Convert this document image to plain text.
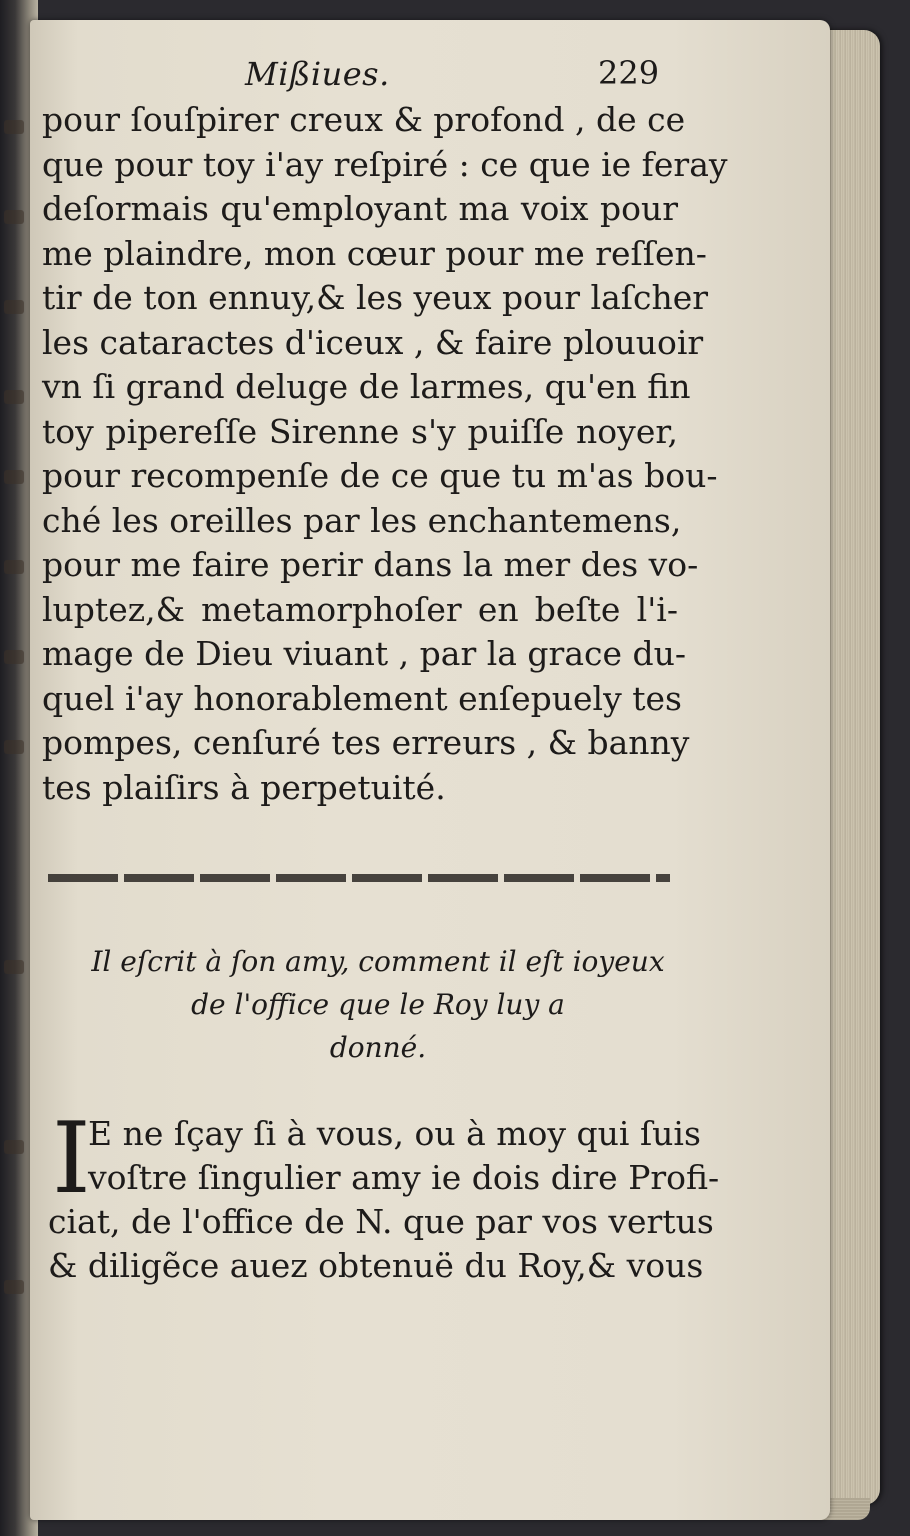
Mißiues.	229
pour ſouſpirer creux & profond , de ce
que pour toy i'ay reſpiré : ce que ie feray
deſormais qu'employant ma voix pour
me plaindre, mon cœur pour me reſſen-
tir de ton ennuy,& les yeux pour laſcher
les cataractes d'iceux , & faire plouuoir
vn ſi grand deluge de larmes, qu'en fin
toy pipereſſe Sirenne s'y puiſſe noyer,
pour recompenſe de ce que tu m'as bou-
ché les oreilles par les enchantemens,
pour me faire perir dans la mer des vo-
luptez,& metamorphoſer en beſte l'i-
mage de Dieu viuant , par la grace du-
quel i'ay honorablement enſepuely tes
pompes, cenſuré tes erreurs , & banny
tes plaiſirs à perpetuité.
Il eſcrit à ſon amy, comment il eſt ioyeux
de l'office que le Roy luy a
donné.
I
E ne ſçay ſi à vous, ou à moy qui ſuis
voſtre ſingulier amy ie dois dire Profi-
ciat, de l'office de N. que par vos vertus
& diligẽce auez obtenuë du Roy,& vous
